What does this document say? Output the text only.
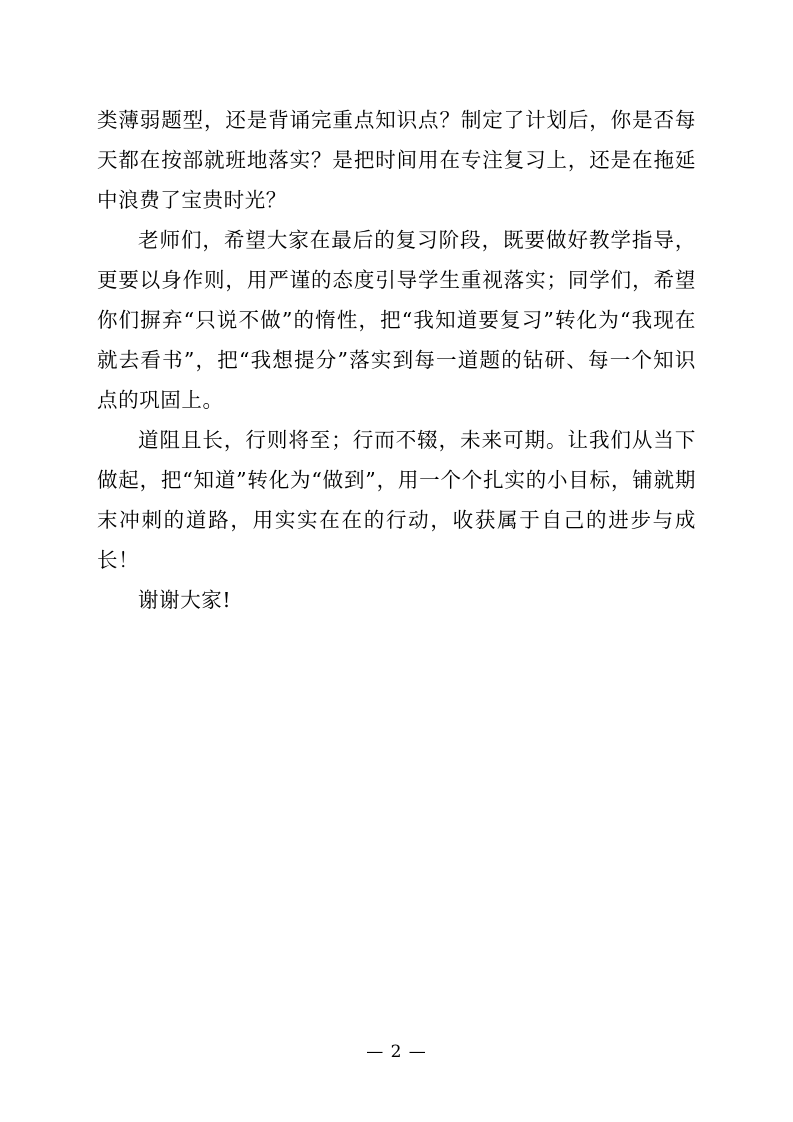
类薄弱题型，还是背诵完重点知识点？制定了计划后，你是否每天都在按部就班地落实？是把时间用在专注复习上，还是在拖延中浪费了宝贵时光？

老师们，希望大家在最后的复习阶段，既要做好教学指导，更要以身作则，用严谨的态度引导学生重视落实；同学们，希望你们摒弃“只说不做”的惰性，把“我知道要复习”转化为“我现在就去看书”，把“我想提分”落实到每一道题的钻研、每一个知识点的巩固上。

道阻且长，行则将至；行而不辍，未来可期。让我们从当下做起，把“知道”转化为“做到”，用一个个扎实的小目标，铺就期末冲刺的道路，用实实在在的行动，收获属于自己的进步与成长！

谢谢大家!

— 2 —
